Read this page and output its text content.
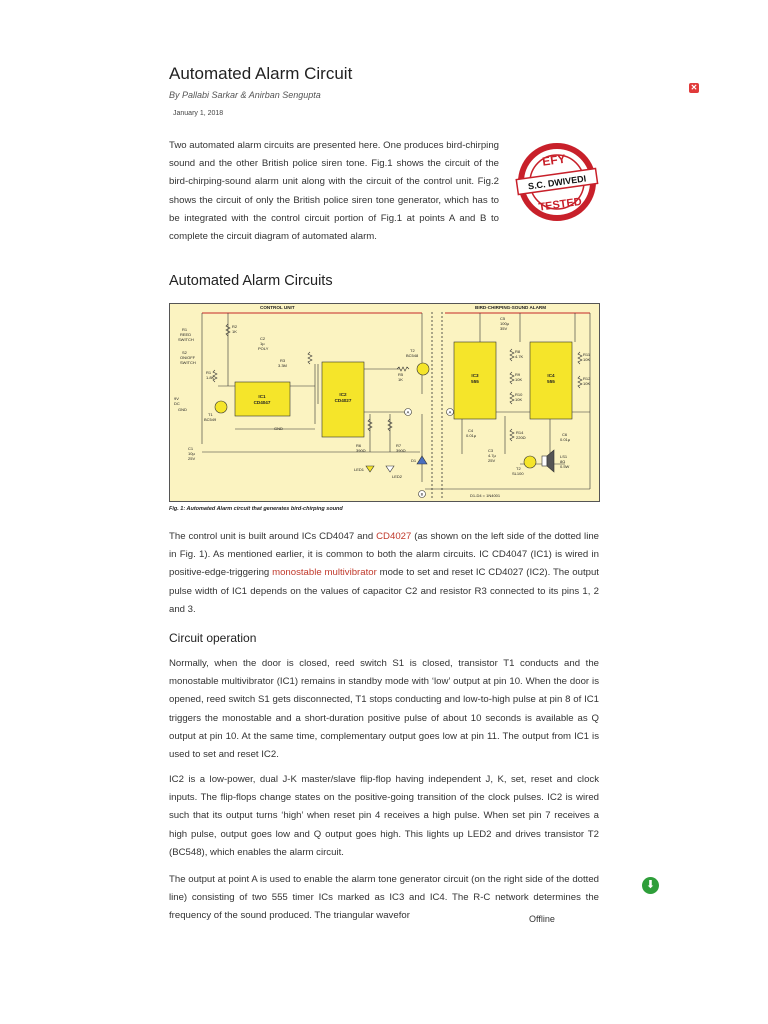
✕
Automated Alarm Circuit
By Pallabi Sarkar & Anirban Sengupta
January 1, 2018

Two automated alarm circuits are presented here. One produces bird-chirping sound and the other British police siren tone. Fig.1 shows the circuit of the bird-chirping-sound alarm unit along with the circuit of the control unit. Fig.2 shows the circuit of only the British police siren tone generator, which has to be integrated with the control circuit portion of Fig.1 at points A and B to complete the circuit diagram of automated alarm.

S.C. DWIVEDI
EFY
TESTED
Automated Alarm Circuits
CONTROL UNIT	BIRD-CHIRPING-SOUND ALARM
IC1
CD4047
IC2
CD4027
IC3
555
IC4
555
A	A
B
R1
REED
SWITCH
S2
ON/OFF
SWITCH
R2
1K
C2
1µ
POLY
R3
3.3M
T2
BC548
R5
1K
R1
1.8K
T1
BC549
9V
DC
GND
GND
C1
10µ
25V
R6
390Ω
R7
390Ω
LED1
LED2
D1
C5
100µ
35V
R8
4.7K
R9
10K
R10
10K
R11
10K
R12
10K
R14
220Ω
C4
0.01µ
C3
4.7µ
25V
T2
SL100
C6
0.01µ
LS1
8Ω
0.5W
D1-D4 = 1N4001
Fig. 1: Automated Alarm circuit that generates bird-chirping sound

The control unit is built around ICs CD4047 and CD4027 (as shown on the left side of the dotted line in Fig. 1). As mentioned earlier, it is common to both the alarm circuits. IC CD4047 (IC1) is wired in positive-edge-triggering monostable multivibrator mode to set and reset IC CD4027 (IC2). The output pulse width of IC1 depends on the values of capacitor C2 and resistor R3 connected to its pins 1, 2 and 3.

Circuit operation

Normally, when the door is closed, reed switch S1 is closed, transistor T1 conducts and the monostable multivibrator (IC1) remains in standby mode with ‘low’ output at pin 10. When the door is opened, reed switch S1 gets disconnected, T1 stops conducting and low-to-high pulse at pin 8 of IC1 triggers the monostable and a short-duration positive pulse of about 10 seconds is available as Q output at pin 10. At the same time, complementary output goes low at pin 11. The output from IC1 is used to set and reset IC2.

IC2 is a low-power, dual J-K master/slave flip-flop having independent J, K, set, reset and clock inputs. The flip-flops change states on the positive-going transition of the clock pulses. IC2 is wired such that its output turns ‘high’ when reset pin 4 receives a high pulse. When set pin 7 receives a high pulse, output goes low and Q output goes high. This lights up LED2 and drives transistor T2 (BC548), which enables the alarm circuit.

The output at point A is used to enable the alarm tone generator circuit (on the right side of the dotted line) consisting of two 555 timer ICs marked as IC3 and IC4. The R-C network determines the frequency of the sound produced. The triangular wavefor

⬇
Offline
